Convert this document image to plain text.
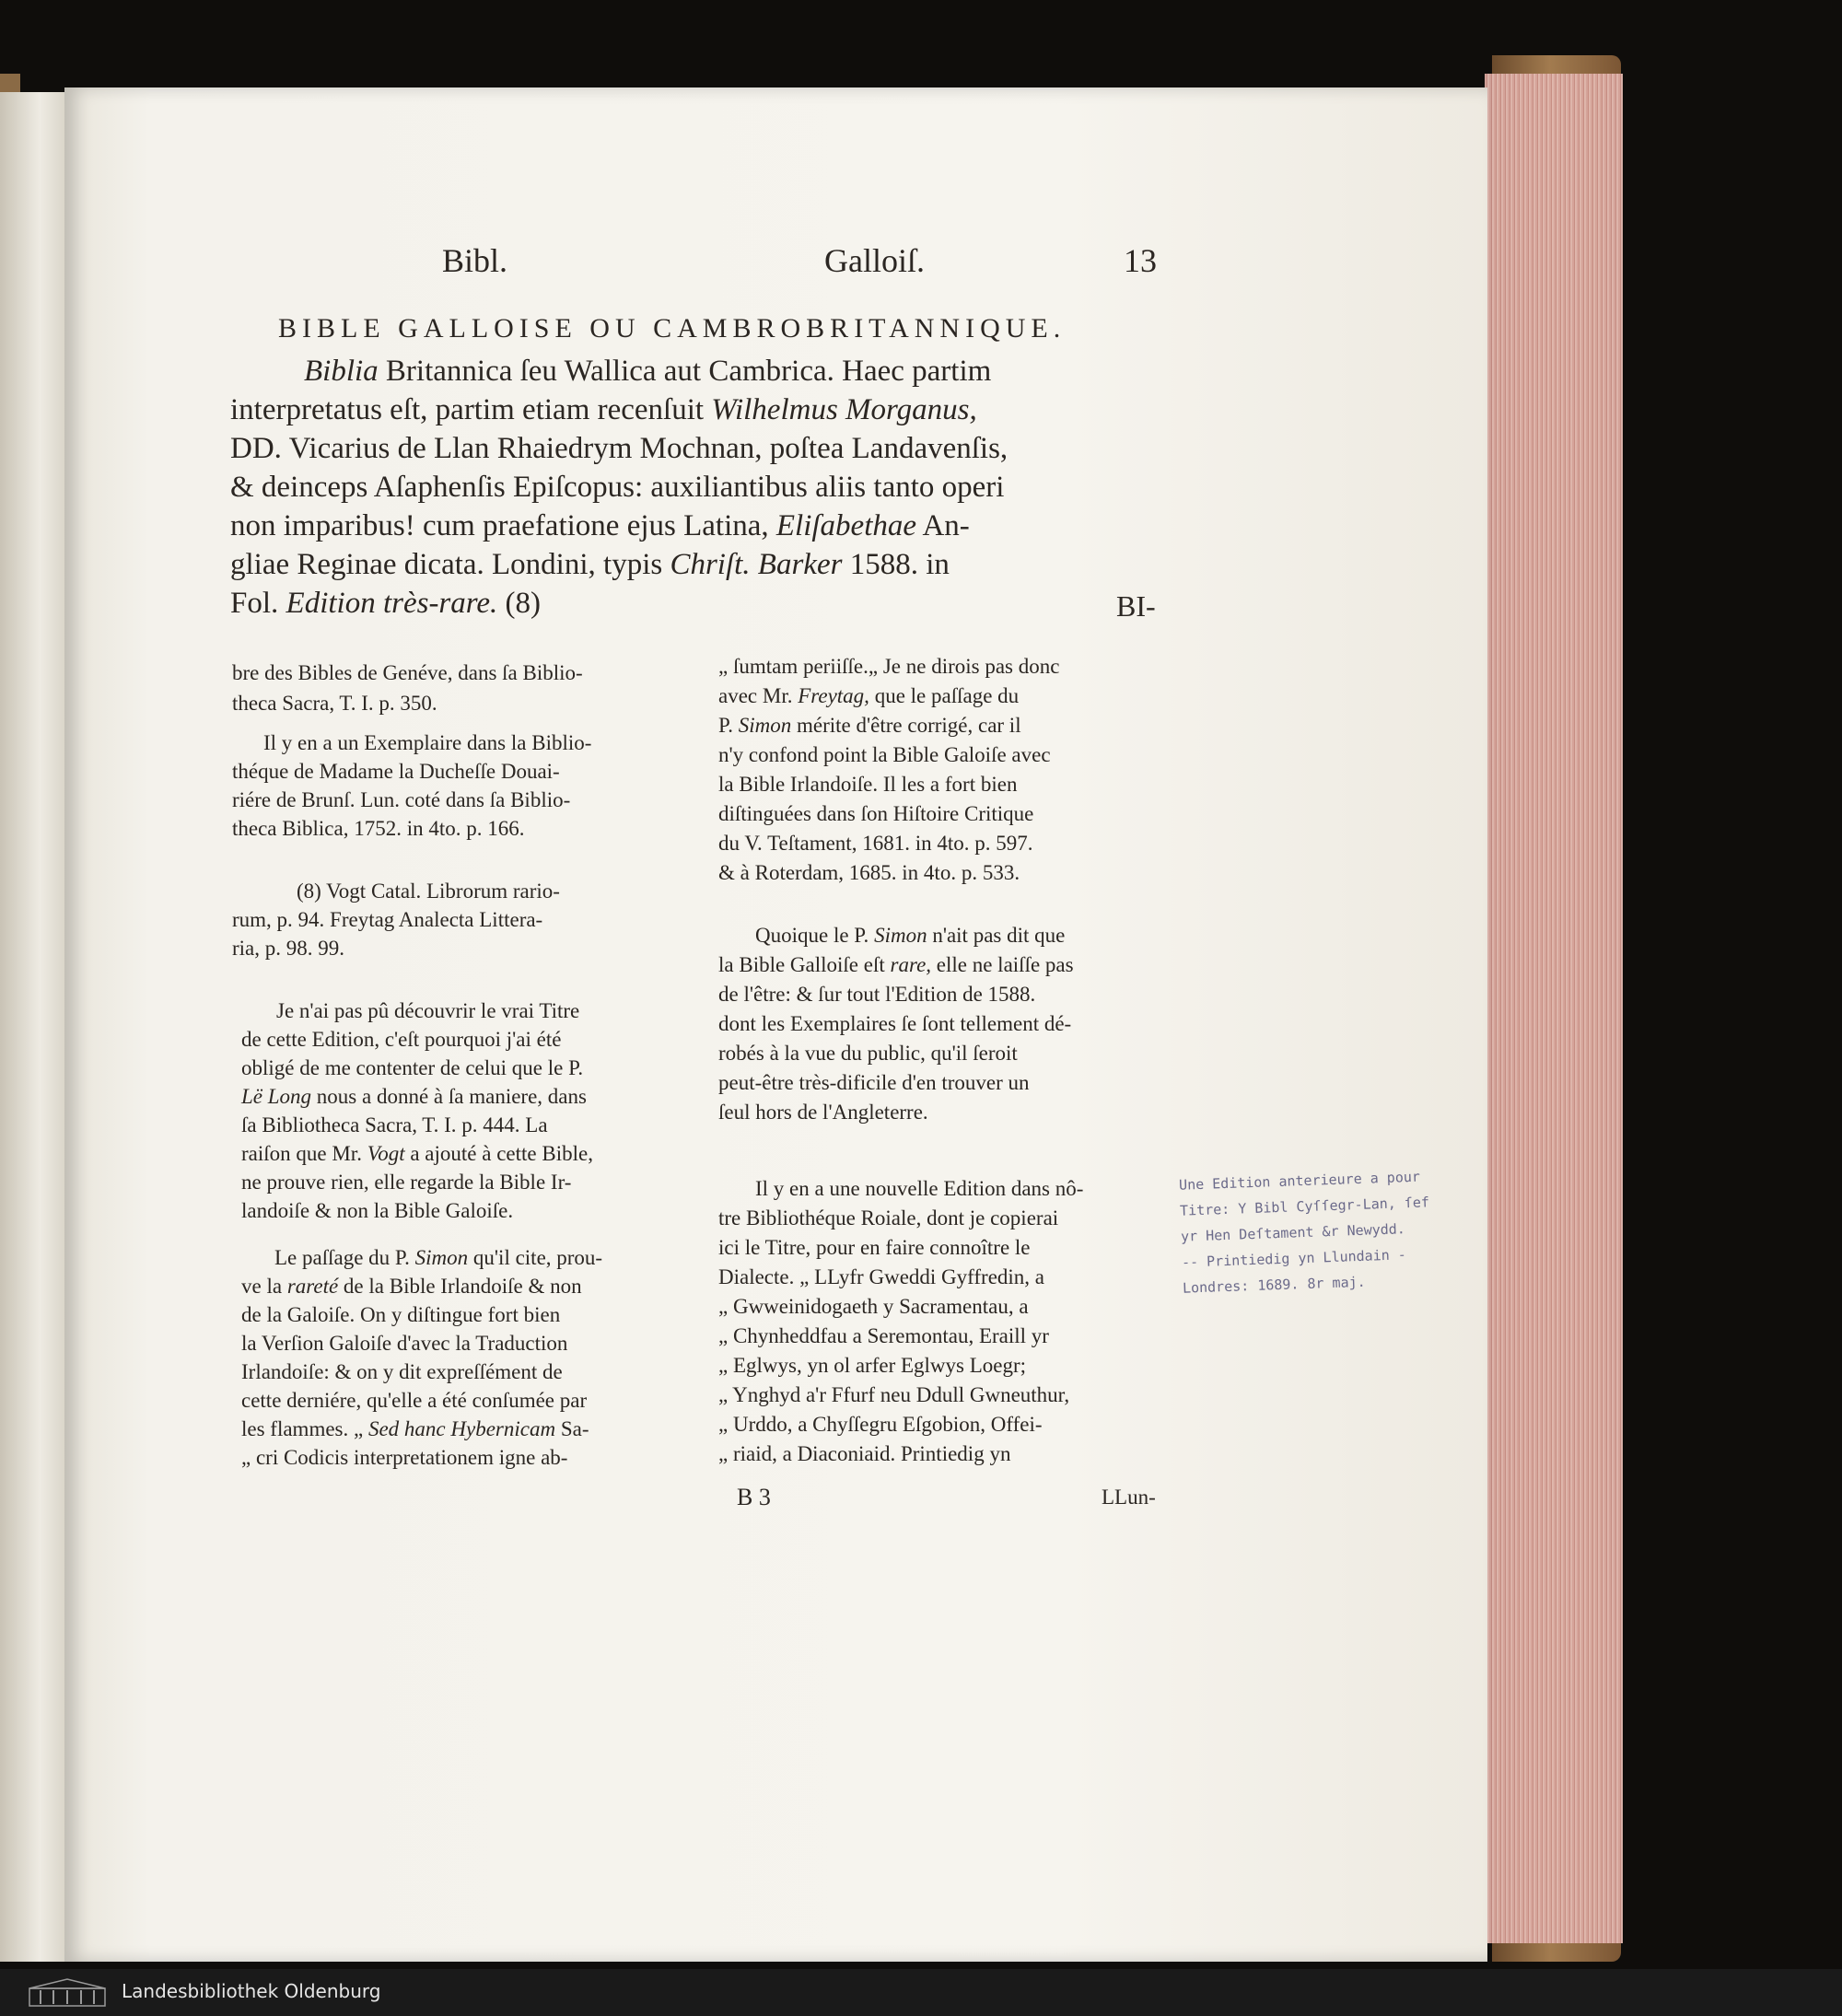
Bibl.	Galloiſ.	13
BIBLE GALLOISE OU CAMBROBRITANNIQUE.
Biblia Britannica ſeu Wallica aut Cambrica. Haec partim
interpretatus eſt, partim etiam recenſuit Wilhelmus Morganus,
DD. Vicarius de Llan Rhaiedrym Mochnan, poſtea Landavenſis,
& deinceps Aſaphenſis Epiſcopus: auxiliantibus aliis tanto operi
non imparibus! cum praefatione ejus Latina, Eliſabethae An-
gliae Reginae dicata. Londini, typis Chriſt. Barker 1588. in
Fol. Edition très-rare. (8)	BI-
bre des Bibles de Genéve, dans ſa Biblio-
theca Sacra, T. I. p. 350.
Il y en a un Exemplaire dans la Biblio-
théque de Madame la Ducheſſe Douai-
riére de Brunſ. Lun. coté dans ſa Biblio-
theca Biblica, 1752. in 4to. p. 166.
(8) Vogt Catal. Librorum rario-
rum, p. 94. Freytag Analecta Littera-
ria, p. 98. 99.
Je n'ai pas pû découvrir le vrai Titre
de cette Edition, c'eſt pourquoi j'ai été
obligé de me contenter de celui que le P.
Lë Long nous a donné à ſa maniere, dans
ſa Bibliotheca Sacra, T. I. p. 444. La
raiſon que Mr. Vogt a ajouté à cette Bible,
ne prouve rien, elle regarde la Bible Ir-
landoiſe & non la Bible Galoiſe.
Le paſſage du P. Simon qu'il cite, prou-
ve la rareté de la Bible Irlandoiſe & non
de la Galoiſe. On y diſtingue fort bien
la Verſion Galoiſe d'avec la Traduction
Irlandoiſe: & on y dit expreſſément de
cette derniére, qu'elle a été conſumée par
les flammes. „ Sed hanc Hybernicam Sa-
„ cri Codicis interpretationem igne ab-
„ ſumtam periiſſe.„ Je ne dirois pas donc
avec Mr. Freytag, que le paſſage du
P. Simon mérite d'être corrigé, car il
n'y confond point la Bible Galoiſe avec
la Bible Irlandoiſe. Il les a fort bien
diſtinguées dans ſon Hiſtoire Critique
du V. Teſtament, 1681. in 4to. p. 597.
& à Roterdam, 1685. in 4to. p. 533.
Quoique le P. Simon n'ait pas dit que
la Bible Galloiſe eſt rare, elle ne laiſſe pas
de l'être: & ſur tout l'Edition de 1588.
dont les Exemplaires ſe ſont tellement dé-
robés à la vue du public, qu'il ſeroit
peut-être très-dificile d'en trouver un
ſeul hors de l'Angleterre.
Il y en a une nouvelle Edition dans nô-
tre Bibliothéque Roiale, dont je copierai
ici le Titre, pour en faire connoître le
Dialecte. „ LLyfr Gweddi Gyffredin, a
„ Gwweinidogaeth y Sacramentau, a
„ Chynheddfau a Seremontau, Eraill yr
„ Eglwys, yn ol arfer Eglwys Loegr;
„ Ynghyd a'r Ffurf neu Ddull Gwneuthur,
„ Urddo, a Chyſſegru Eſgobion, Offei-
„ riaid, a Diaconiaid. Printiedig yn
B 3	LLun-
Une Edition anterieure a pour
Titre: Y Bibl Cyſſegr-Lan, ſef
yr Hen Deſtament &r Newydd.
-- Printiedig yn Llundain -
Londres: 1689. 8r maj.
Landesbibliothek Oldenburg
